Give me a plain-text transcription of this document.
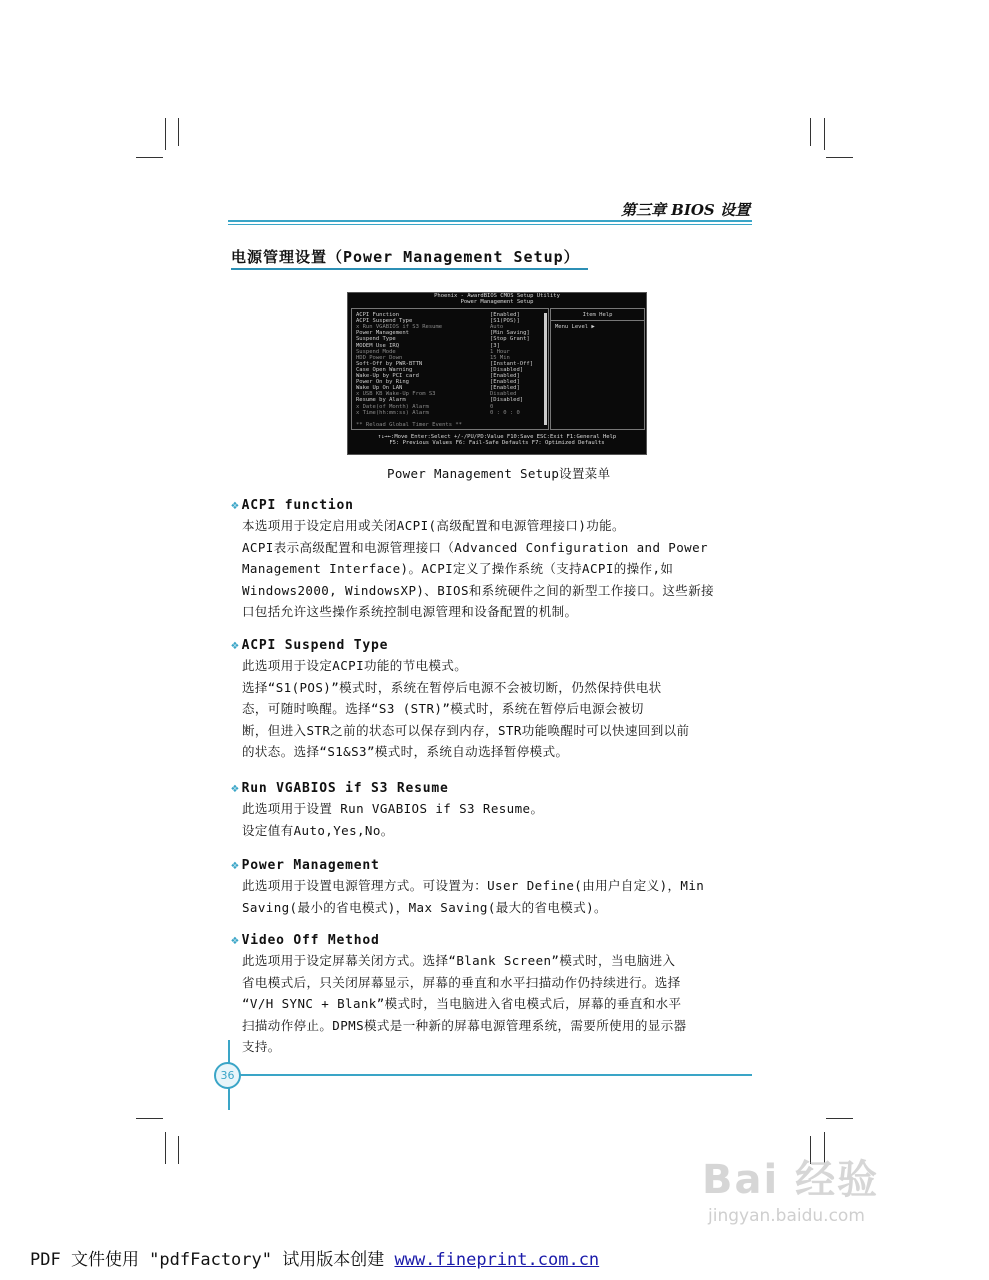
第三章 BIOS 设置
电源管理设置（Power Management Setup）
Phoenix - AwardBIOS CMOS Setup Utility
Power Management Setup
ACPI Function	[Enabled]
ACPI Suspend Type	[S1(POS)]
x Run VGABIOS if S3 Resume	Auto
Power Management	[Min Saving]
Suspend Type	[Stop Grant]
MODEM Use IRQ	[3]
Suspend Mode	1 Hour
HDD Power Down	15 Min
Soft-Off by PWR-BTTN	[Instant-Off]
Case Open Warning	[Disabled]
Wake-Up by PCI card	[Enabled]
Power On by Ring	[Enabled]
Wake Up On LAN	[Enabled]
x USB KB Wake-Up From S3	Disabled
Resume by Alarm	[Disabled]
x Date(of Month) Alarm	0
x Time(hh:mm:ss) Alarm	0 : 0 : 0
** Reload Global Timer Events **
Item Help
Menu Level ▶
↑↓→←:Move Enter:Select +/-/PU/PD:Value F10:Save ESC:Exit F1:General Help
F5: Previous Values F6: Fail-Safe Defaults F7: Optimized Defaults
Power Management Setup设置菜单
❖ ACPI function
本选项用于设定启用或关闭ACPI(高级配置和电源管理接口)功能。
ACPI表示高级配置和电源管理接口（Advanced Configuration and Power
Management Interface)。ACPI定义了操作系统（支持ACPI的操作,如
Windows2000, WindowsXP)、BIOS和系统硬件之间的新型工作接口。这些新接
口包括允许这些操作系统控制电源管理和设备配置的机制。
❖ ACPI Suspend Type
此选项用于设定ACPI功能的节电模式。
选择“S1(POS)”模式时，系统在暂停后电源不会被切断，仍然保持供电状
态，可随时唤醒。选择“S3 (STR)”模式时，系统在暂停后电源会被切
断，但进入STR之前的状态可以保存到内存，STR功能唤醒时可以快速回到以前
的状态。选择“S1&S3”模式时，系统自动选择暂停模式。
❖ Run VGABIOS if S3 Resume
此选项用于设置 Run VGABIOS if S3 Resume。
设定值有Auto,Yes,No。
❖ Power Management
此选项用于设置电源管理方式。可设置为：User Define(由用户自定义)，Min
Saving(最小的省电模式)，Max Saving(最大的省电模式)。
❖ Video Off Method
此选项用于设定屏幕关闭方式。选择“Blank Screen”模式时，当电脑进入
省电模式后，只关闭屏幕显示，屏幕的垂直和水平扫描动作仍持续进行。选择
“V/H SYNC + Blank”模式时，当电脑进入省电模式后，屏幕的垂直和水平
扫描动作停止。DPMS模式是一种新的屏幕电源管理系统，需要所使用的显示器
支持。
36
Bai 经验
jingyan.baidu.com
PDF 文件使用 "pdfFactory" 试用版本创建 www.fineprint.com.cn
